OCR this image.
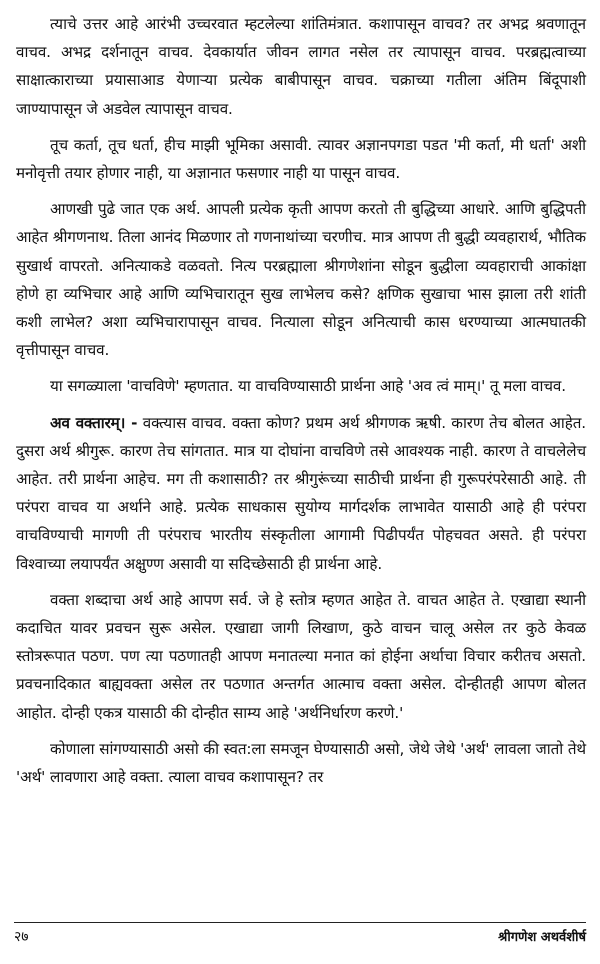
त्याचे उत्तर आहे आरंभी उच्चरवात म्हटलेल्या शांतिमंत्रात. कशापासून वाचव? तर अभद्र श्रवणातून वाचव. अभद्र दर्शनातून वाचव. देवकार्यात जीवन लागत नसेल तर त्यापासून वाचव. परब्रह्मत्वाच्या साक्षात्काराच्या प्रयासाआड येणाऱ्या प्रत्येक बाबीपासून वाचव. चक्राच्या गतीला अंतिम बिंदूपाशी जाण्यापासून जे अडवेल त्यापासून वाचव.

तूच कर्ता, तूच धर्ता, हीच माझी भूमिका असावी. त्यावर अज्ञानपगडा पडत 'मी कर्ता, मी धर्ता' अशी मनोवृत्ती तयार होणार नाही, या अज्ञानात फसणार नाही या पासून वाचव.

आणखी पुढे जात एक अर्थ. आपली प्रत्येक कृती आपण करतो ती बुद्धिच्या आधारे. आणि बुद्धिपती आहेत श्रीगणनाथ. तिला आनंद मिळणार तो गणनाथांच्या चरणीच. मात्र आपण ती बुद्धी व्यवहारार्थ, भौतिक सुखार्थ वापरतो. अनित्याकडे वळवतो. नित्य परब्रह्माला श्रीगणेशांना सोडून बुद्धीला व्यवहाराची आकांक्षा होणे हा व्यभिचार आहे आणि व्यभिचारातून सुख लाभेलच कसे? क्षणिक सुखाचा भास झाला तरी शांती कशी लाभेल? अशा व्यभिचारापासून वाचव. नित्याला सोडून अनित्याची कास धरण्याच्या आत्मघातकी वृत्तीपासून वाचव.

या सगळ्याला 'वाचविणे' म्हणतात. या वाचविण्यासाठी प्रार्थना आहे 'अव त्वं माम्।' तू मला वाचव.

अव वक्तारम्। - वक्त्यास वाचव. वक्ता कोण? प्रथम अर्थ श्रीगणक ऋषी. कारण तेच बोलत आहेत. दुसरा अर्थ श्रीगुरू. कारण तेच सांगतात. मात्र या दोघांना वाचविणे तसे आवश्यक नाही. कारण ते वाचलेलेच आहेत. तरी प्रार्थना आहेच. मग ती कशासाठी? तर श्रीगुरूंच्या साठीची प्रार्थना ही गुरूपरंपरेसाठी आहे. ती परंपरा वाचव या अर्थाने आहे. प्रत्येक साधकास सुयोग्य मार्गदर्शक लाभावेत यासाठी आहे ही परंपरा वाचविण्याची मागणी ती परंपराच भारतीय संस्कृतीला आगामी पिढीपर्यंत पोहचवत असते. ही परंपरा विश्वाच्या लयापर्यंत अक्षुण्ण असावी या सदिच्छेसाठी ही प्रार्थना आहे.

वक्ता शब्दाचा अर्थ आहे आपण सर्व. जे हे स्तोत्र म्हणत आहेत ते. वाचत आहेत ते. एखाद्या स्थानी कदाचित यावर प्रवचन सुरू असेल. एखाद्या जागी लिखाण, कुठे वाचन चालू असेल तर कुठे केवळ स्तोत्ररूपात पठण. पण त्या पठणातही आपण मनातल्या मनात कां होईना अर्थाचा विचार करीतच असतो. प्रवचनादिकात बाह्यवक्ता असेल तर पठणात अन्तर्गत आत्माच वक्ता असेल. दोन्हीतही आपण बोलत आहोत. दोन्ही एकत्र यासाठी की दोन्हीत साम्य आहे 'अर्थनिर्धारण करणे.'

कोणाला सांगण्यासाठी असो की स्वत:ला समजून घेण्यासाठी असो, जेथे जेथे 'अर्थ' लावला जातो तेथे 'अर्थ' लावणारा आहे वक्ता. त्याला वाचव कशापासून? तर

२७	श्रीगणेश अथर्वशीर्ष
